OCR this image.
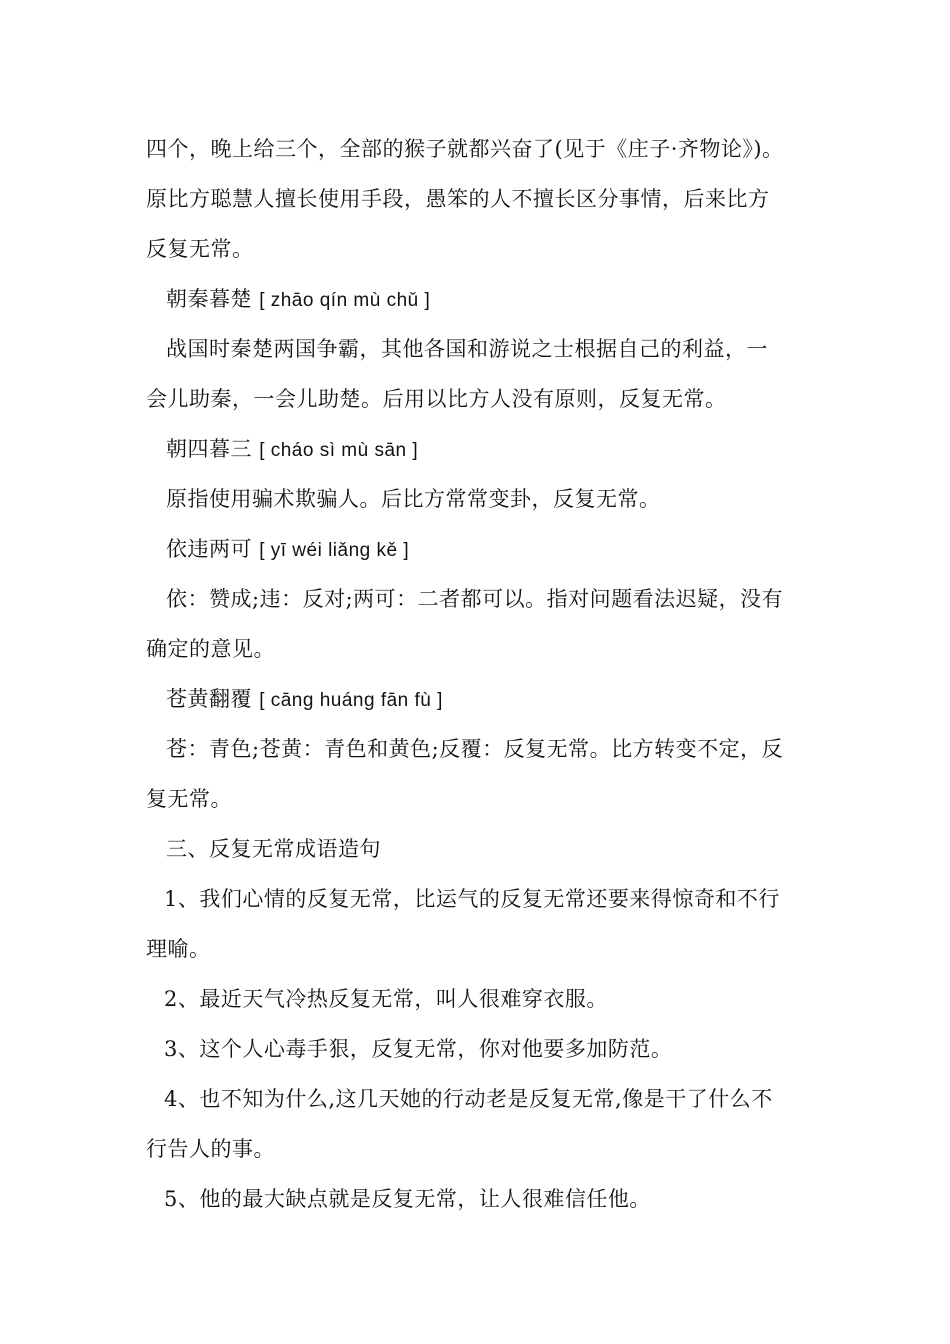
四个，晚上给三个，全部的猴子就都兴奋了(见于《庄子·齐物论》)。
原比方聪慧人擅长使用手段，愚笨的人不擅长区分事情，后来比方
反复无常。
朝秦暮楚 [ zhāo qín mù chǔ ]
战国时秦楚两国争霸，其他各国和游说之士根据自己的利益，一
会儿助秦，一会儿助楚。后用以比方人没有原则，反复无常。
朝四暮三 [ cháo sì mù sān ]
原指使用骗术欺骗人。后比方常常变卦，反复无常。
依违两可 [ yī wéi liǎng kě ]
依：赞成;违：反对;两可：二者都可以。指对问题看法迟疑，没有
确定的意见。
苍黄翻覆 [ cāng huáng fān fù ]
苍：青色;苍黄：青色和黄色;反覆：反复无常。比方转变不定，反
复无常。
三、反复无常成语造句
1、我们心情的反复无常，比运气的反复无常还要来得惊奇和不行
理喻。
2、最近天气冷热反复无常，叫人很难穿衣服。
3、这个人心毒手狠，反复无常，你对他要多加防范。
4、也不知为什么,这几天她的行动老是反复无常,像是干了什么不
行告人的事。
5、他的最大缺点就是反复无常，让人很难信任他。
